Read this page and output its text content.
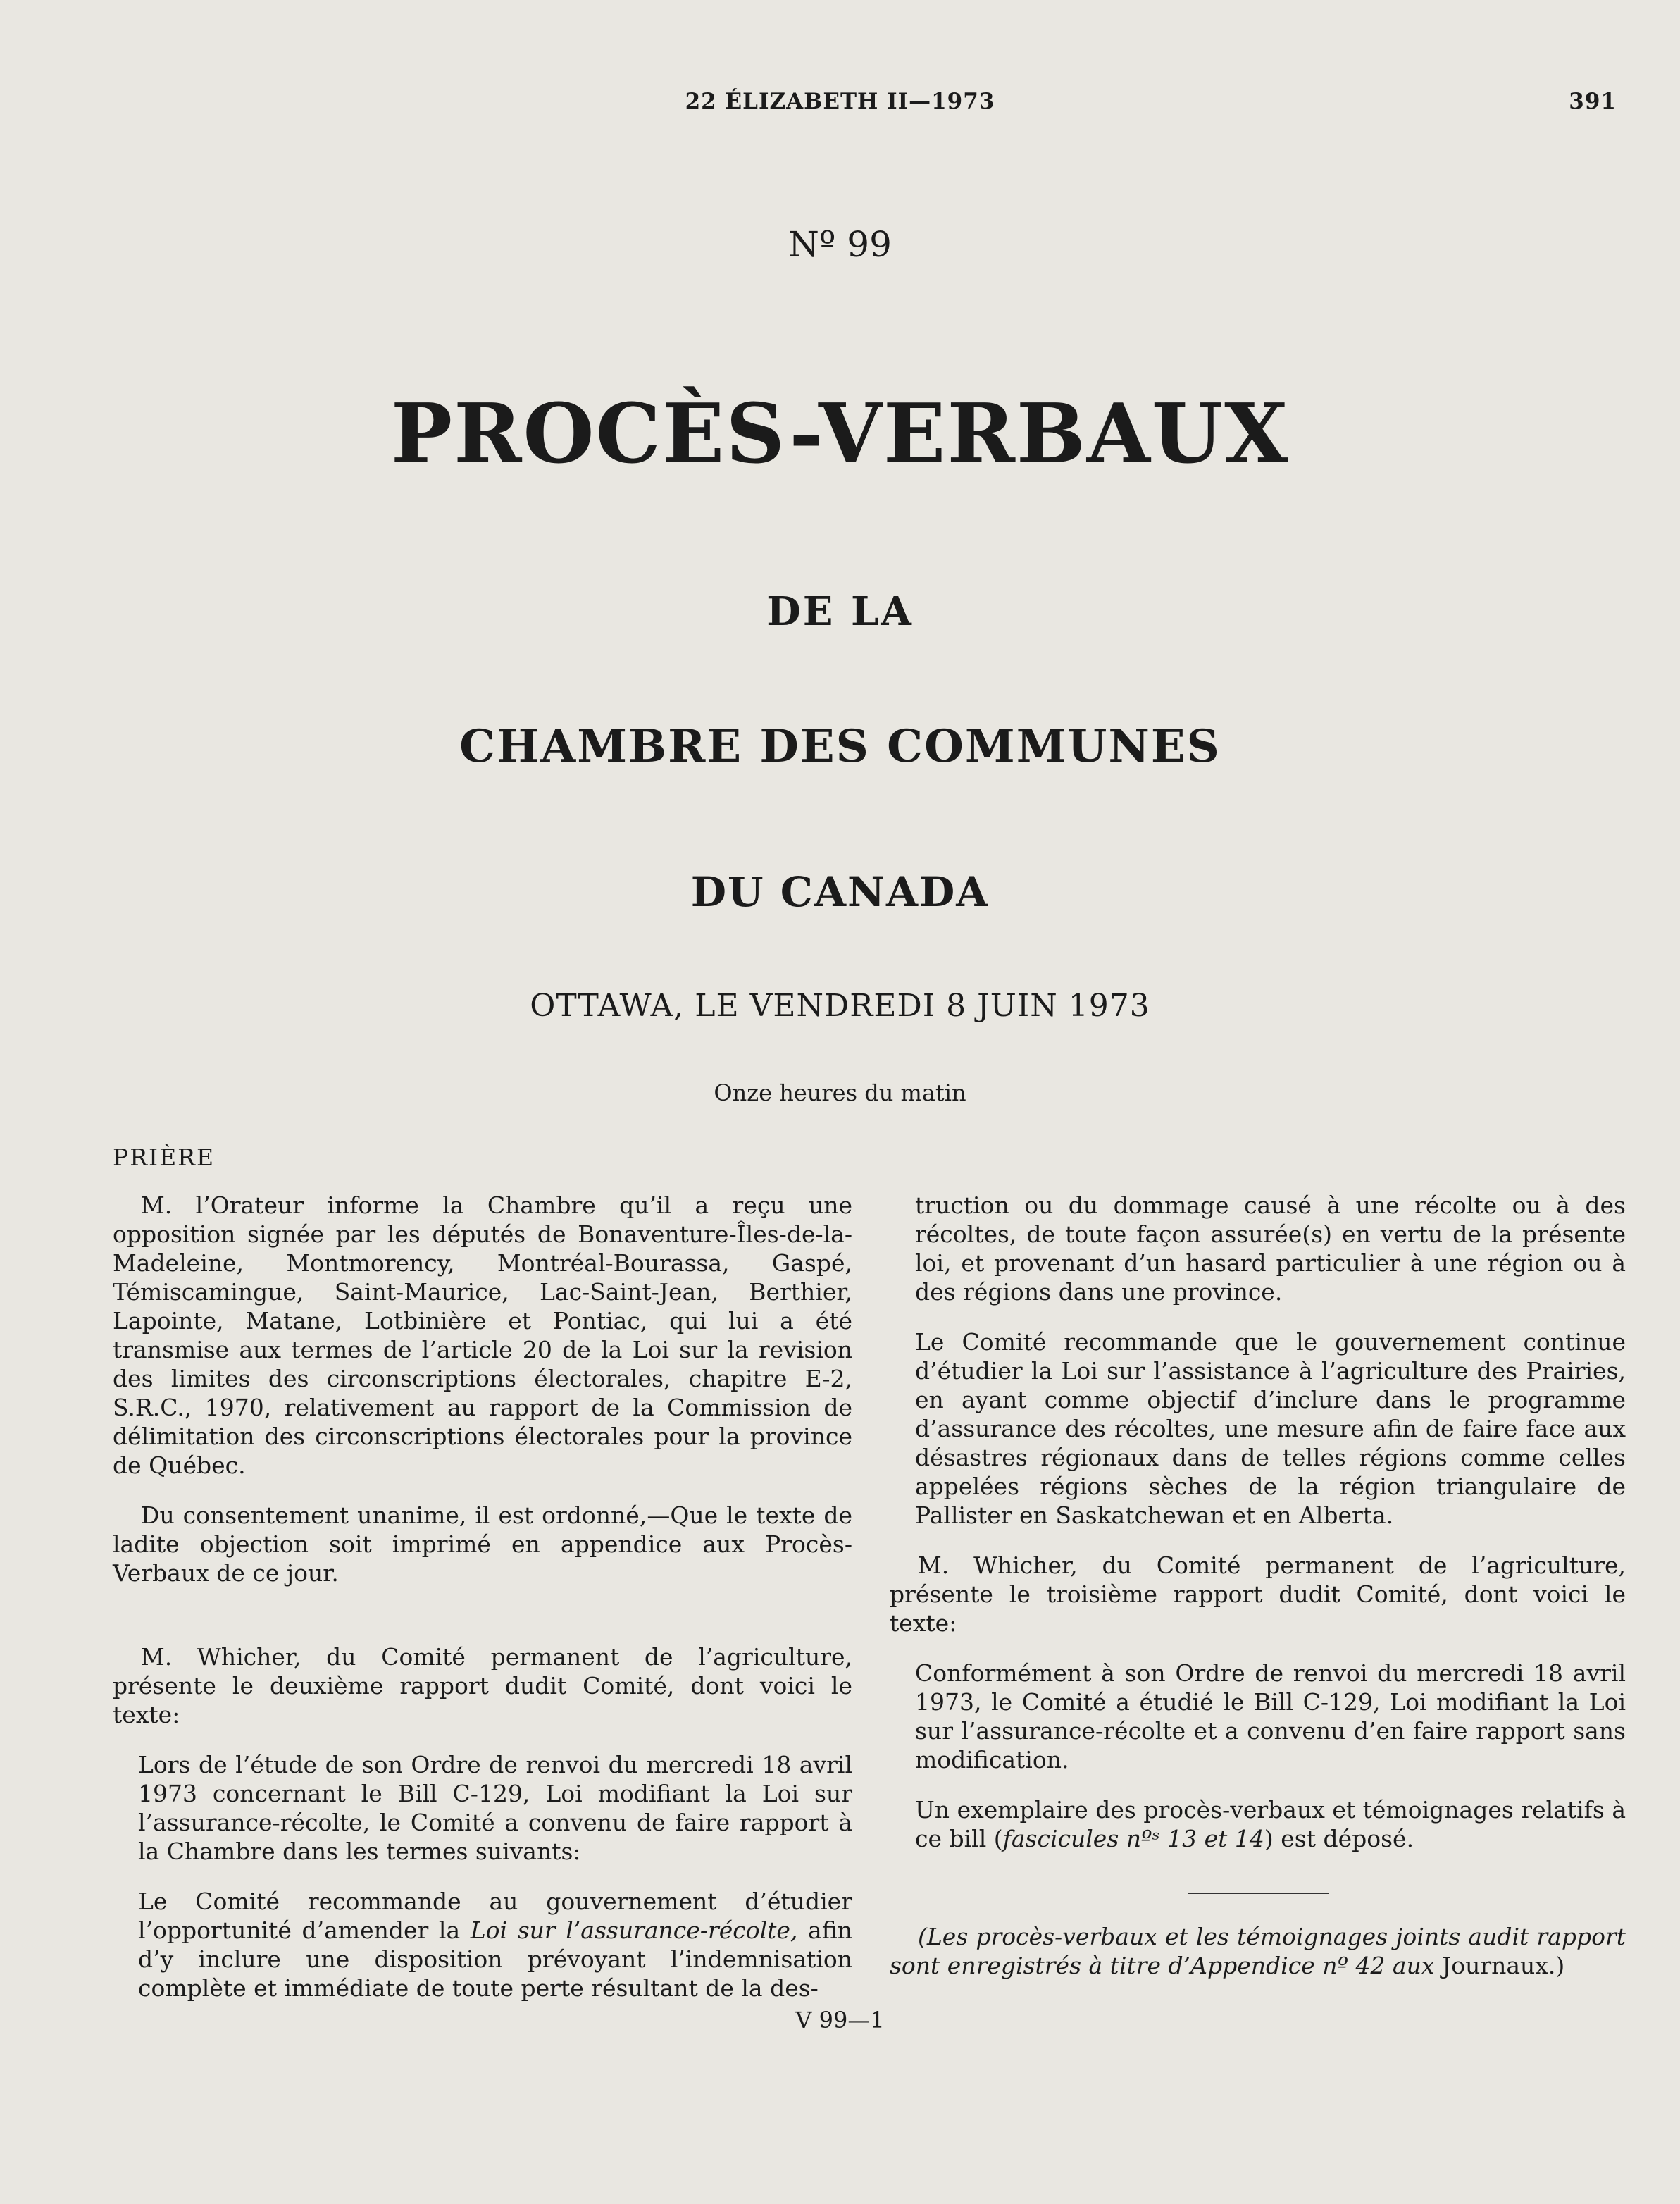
22 ÉLIZABETH II—1973	391
Nº 99
PROCÈS-VERBAUX
DE LA
CHAMBRE DES COMMUNES
DU CANADA
OTTAWA, LE VENDREDI 8 JUIN 1973
Onze heures du matin
PRIÈRE

M. l’Orateur informe la Chambre qu’il a reçu une opposition signée par les députés de Bonaventure-Îles-de-la-Madeleine, Montmorency, Montréal-Bourassa, Gaspé, Témiscamingue, Saint-Maurice, Lac-Saint-Jean, Berthier, Lapointe, Matane, Lotbinière et Pontiac, qui lui a été transmise aux termes de l’article 20 de la Loi sur la revision des limites des circonscriptions électorales, chapitre E-2, S.R.C., 1970, relativement au rapport de la Commission de délimitation des circonscriptions électorales pour la province de Québec.

Du consentement unanime, il est ordonné,—Que le texte de ladite objection soit imprimé en appendice aux Procès-Verbaux de ce jour.

M. Whicher, du Comité permanent de l’agriculture, présente le deuxième rapport dudit Comité, dont voici le texte:

Lors de l’étude de son Ordre de renvoi du mercredi 18 avril 1973 concernant le Bill C-129, Loi modifiant la Loi sur l’assurance-récolte, le Comité a convenu de faire rapport à la Chambre dans les termes suivants:

Le Comité recommande au gouvernement d’étudier l’opportunité d’amender la Loi sur l’assurance-récolte, afin d’y inclure une disposition prévoyant l’indemnisation complète et immédiate de toute perte résultant de la des-

truction ou du dommage causé à une récolte ou à des récoltes, de toute façon assurée(s) en vertu de la présente loi, et provenant d’un hasard particulier à une région ou à des régions dans une province.

Le Comité recommande que le gouvernement continue d’étudier la Loi sur l’assistance à l’agriculture des Prairies, en ayant comme objectif d’inclure dans le programme d’assurance des récoltes, une mesure afin de faire face aux désastres régionaux dans de telles régions comme celles appelées régions sèches de la région triangulaire de Pallister en Saskatchewan et en Alberta.

M. Whicher, du Comité permanent de l’agriculture, présente le troisième rapport dudit Comité, dont voici le texte:

Conformément à son Ordre de renvoi du mercredi 18 avril 1973, le Comité a étudié le Bill C-129, Loi modifiant la Loi sur l’assurance-récolte et a convenu d’en faire rapport sans modification.

Un exemplaire des procès-verbaux et témoignages relatifs à ce bill (fascicules nºˢ 13 et 14) est déposé.

(Les procès-verbaux et les témoignages joints audit rapport sont enregistrés à titre d’Appendice nº 42 aux Journaux.)

V 99—1
